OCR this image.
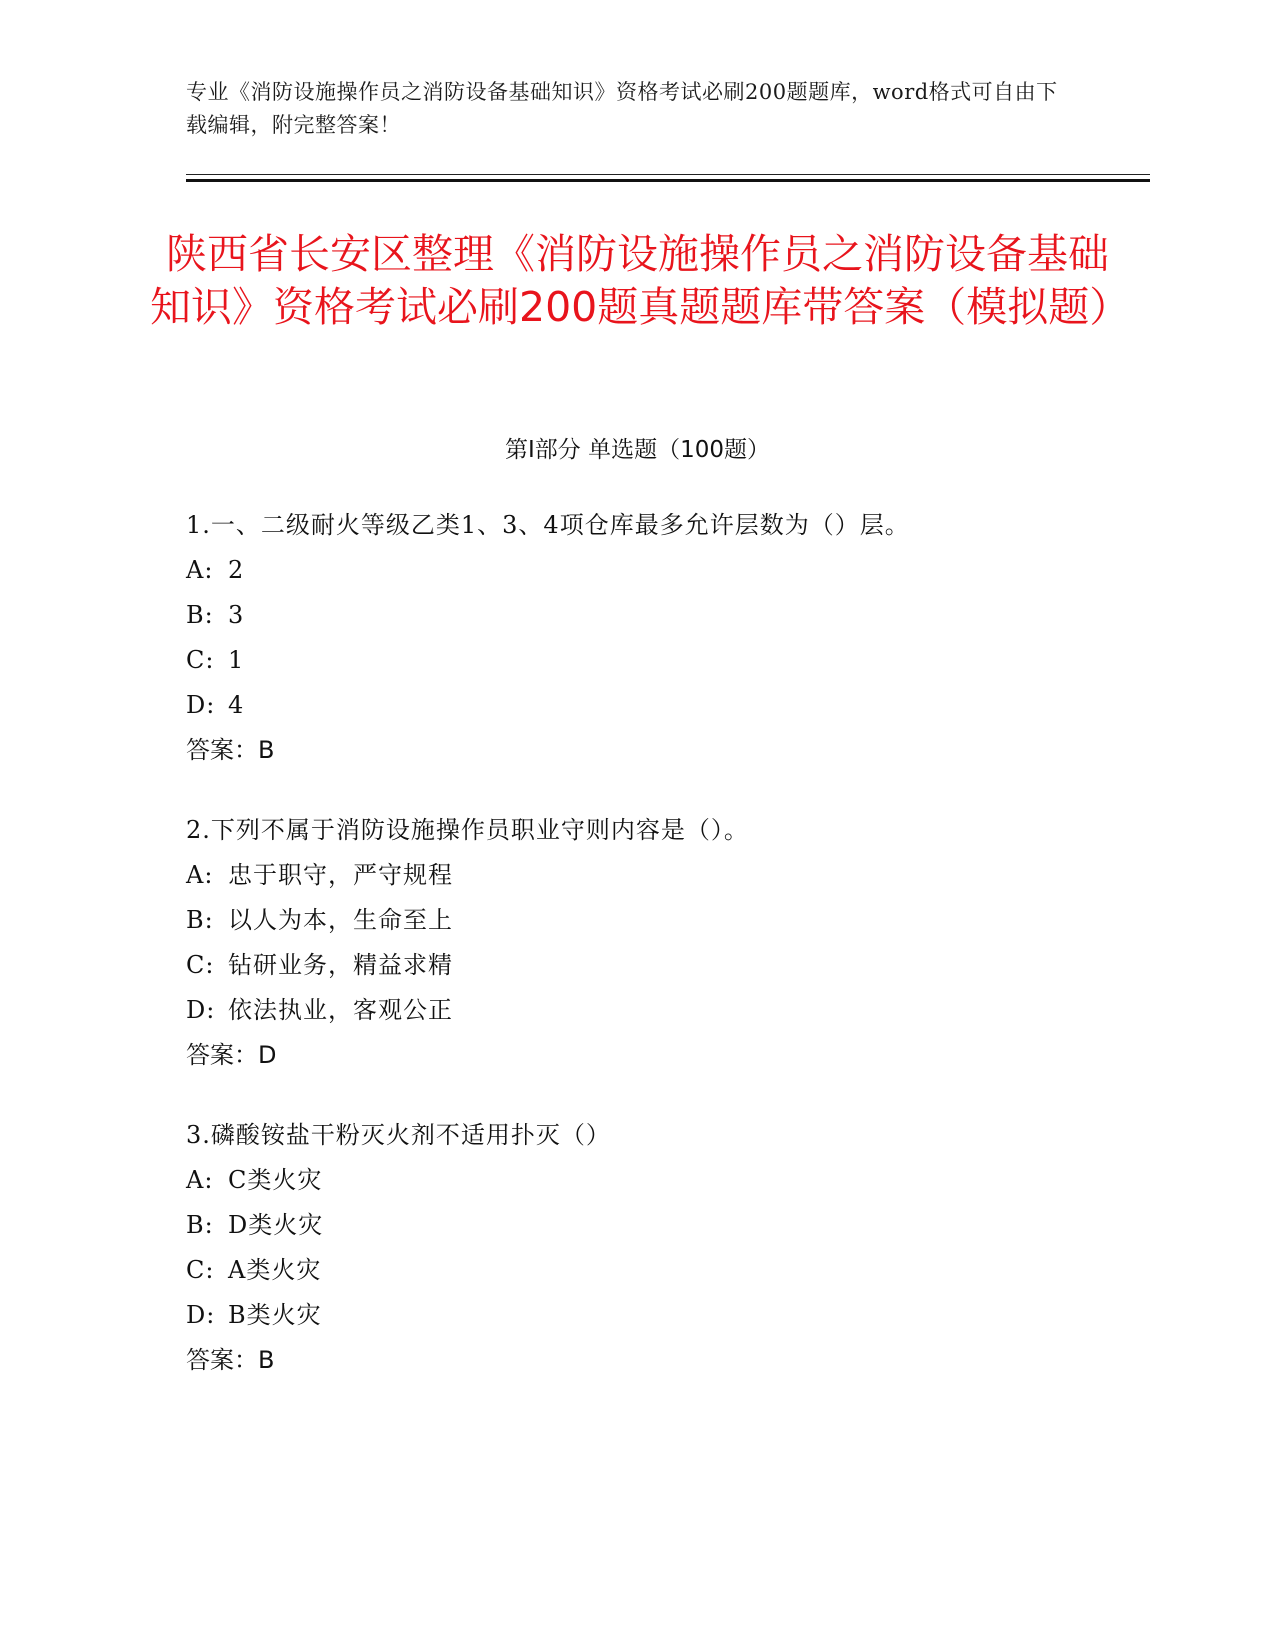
专业《消防设施操作员之消防设备基础知识》资格考试必刷200题题库，word格式可自由下载编辑，附完整答案！
陕西省长安区整理《消防设施操作员之消防设备基础知识》资格考试必刷200题真题题库带答案（模拟题）
第I部分 单选题（100题）
1.一、二级耐火等级乙类1、3、4项仓库最多允许层数为（）层。
A: 2
B: 3
C: 1
D: 4
答案：B
2.下列不属于消防设施操作员职业守则内容是（）。
A: 忠于职守，严守规程
B: 以人为本，生命至上
C: 钻研业务，精益求精
D: 依法执业，客观公正
答案：D
3.磷酸铵盐干粉灭火剂不适用扑灭（）
A: C类火灾
B: D类火灾
C: A类火灾
D: B类火灾
答案：B
